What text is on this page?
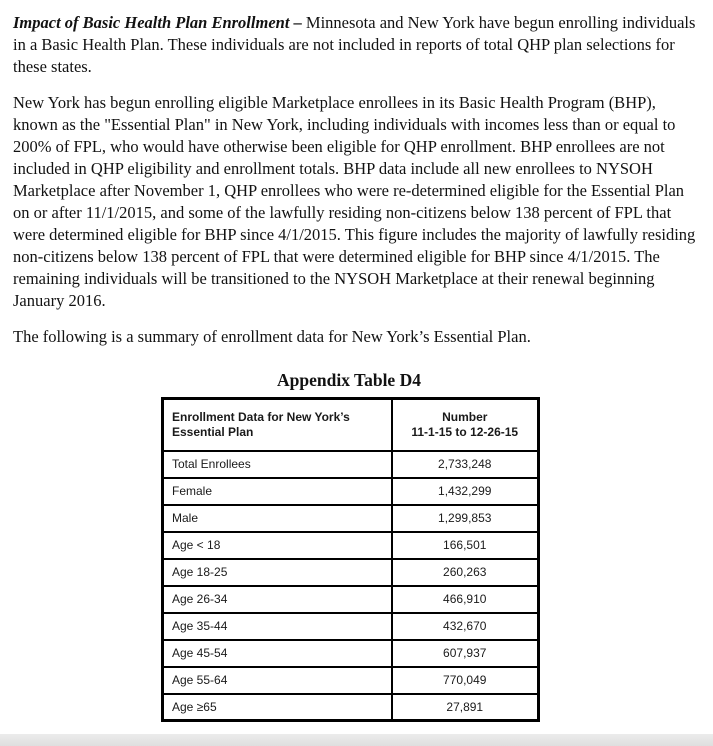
Impact of Basic Health Plan Enrollment – Minnesota and New York have begun enrolling individuals in a Basic Health Plan. These individuals are not included in reports of total QHP plan selections for these states.

New York has begun enrolling eligible Marketplace enrollees in its Basic Health Program (BHP), known as the "Essential Plan" in New York, including individuals with incomes less than or equal to 200% of FPL, who would have otherwise been eligible for QHP enrollment. BHP enrollees are not included in QHP eligibility and enrollment totals. BHP data include all new enrollees to NYSOH Marketplace after November 1, QHP enrollees who were re-determined eligible for the Essential Plan on or after 11/1/2015, and some of the lawfully residing non-citizens below 138 percent of FPL that were determined eligible for BHP since 4/1/2015. This figure includes the majority of lawfully residing non-citizens below 138 percent of FPL that were determined eligible for BHP since 4/1/2015. The remaining individuals will be transitioned to the NYSOH Marketplace at their renewal beginning January 2016.

The following is a summary of enrollment data for New York’s Essential Plan.

Appendix Table D4
Enrollment Data for New York’s Essential Plan	Number
11-1-15 to 12-26-15

Total Enrollees	2,733,248
Female	1,432,299
Male	1,299,853
Age < 18	166,501
Age 18-25	260,263
Age 26-34	466,910
Age 35-44	432,670
Age 45-54	607,937
Age 55-64	770,049
Age ≥65	27,891
